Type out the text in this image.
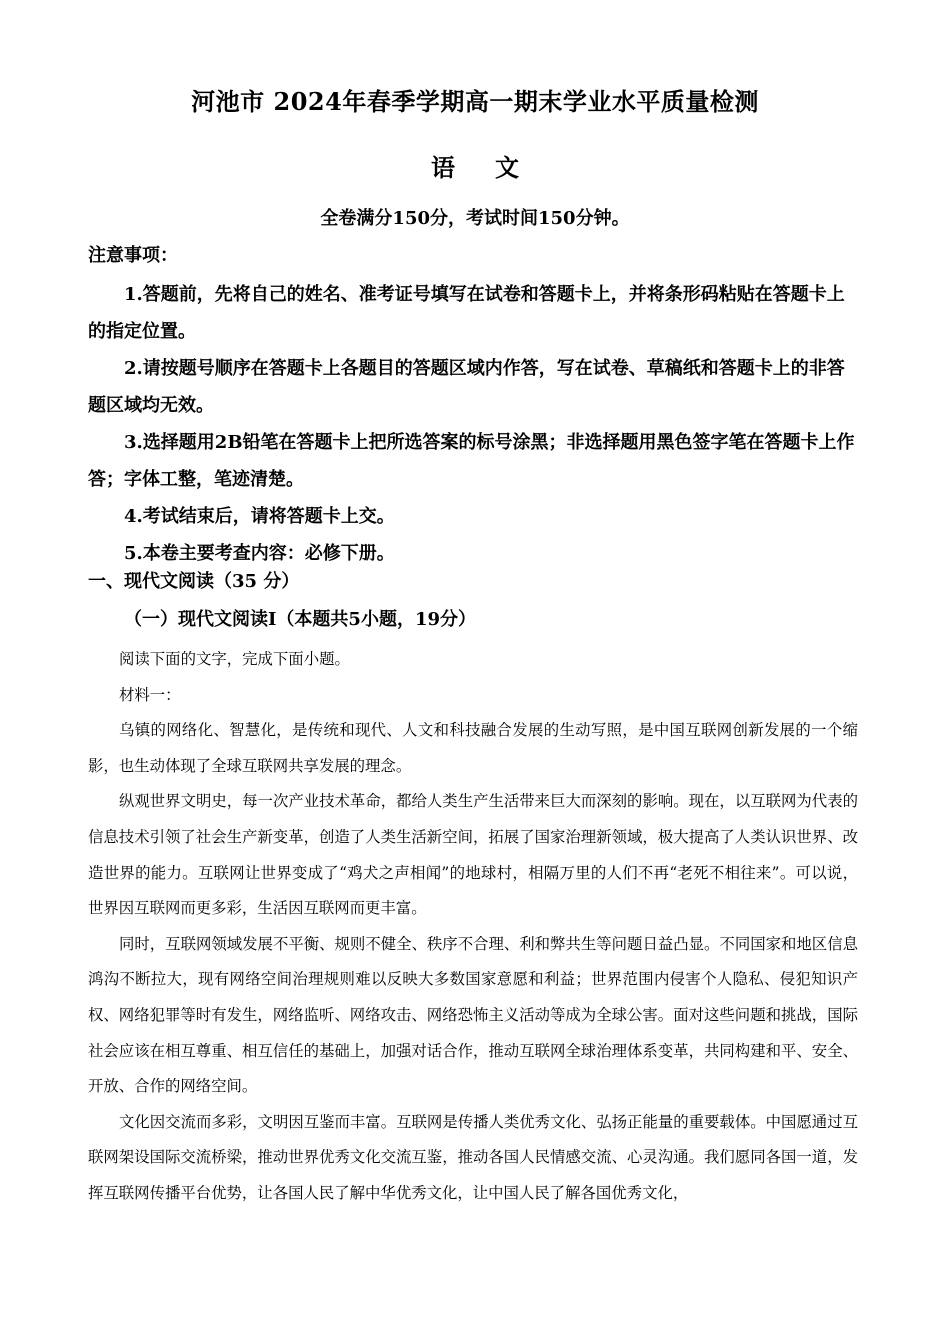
河池市 2024年春季学期高一期末学业水平质量检测
语文
全卷满分150分，考试时间150分钟。
注意事项：
1.答题前，先将自己的姓名、准考证号填写在试卷和答题卡上，并将条形码粘贴在答题卡上的指定位置。
2.请按题号顺序在答题卡上各题目的答题区域内作答，写在试卷、草稿纸和答题卡上的非答题区域均无效。
3.选择题用2B铅笔在答题卡上把所选答案的标号涂黑；非选择题用黑色签字笔在答题卡上作答；字体工整，笔迹清楚。
4.考试结束后，请将答题卡上交。
5.本卷主要考查内容：必修下册。
一、现代文阅读（35 分）
（一）现代文阅读Ⅰ（本题共5小题，19分）

阅读下面的文字，完成下面小题。

材料一：

乌镇的网络化、智慧化，是传统和现代、人文和科技融合发展的生动写照，是中国互联网创新发展的一个缩影，也生动体现了全球互联网共享发展的理念。

纵观世界文明史，每一次产业技术革命，都给人类生产生活带来巨大而深刻的影响。现在，以互联网为代表的信息技术引领了社会生产新变革，创造了人类生活新空间，拓展了国家治理新领域，极大提高了人类认识世界、改造世界的能力。互联网让世界变成了“鸡犬之声相闻”的地球村，相隔万里的人们不再“老死不相往来”。可以说，世界因互联网而更多彩，生活因互联网而更丰富。

同时，互联网领域发展不平衡、规则不健全、秩序不合理、利和弊共生等问题日益凸显。不同国家和地区信息鸿沟不断拉大，现有网络空间治理规则难以反映大多数国家意愿和利益；世界范围内侵害个人隐私、侵犯知识产权、网络犯罪等时有发生，网络监听、网络攻击、网络恐怖主义活动等成为全球公害。面对这些问题和挑战，国际社会应该在相互尊重、相互信任的基础上，加强对话合作，推动互联网全球治理体系变革，共同构建和平、安全、开放、合作的网络空间。

文化因交流而多彩，文明因互鉴而丰富。互联网是传播人类优秀文化、弘扬正能量的重要载体。中国愿通过互联网架设国际交流桥梁，推动世界优秀文化交流互鉴，推动各国人民情感交流、心灵沟通。我们愿同各国一道，发挥互联网传播平台优势，让各国人民了解中华优秀文化，让中国人民了解各国优秀文化，
